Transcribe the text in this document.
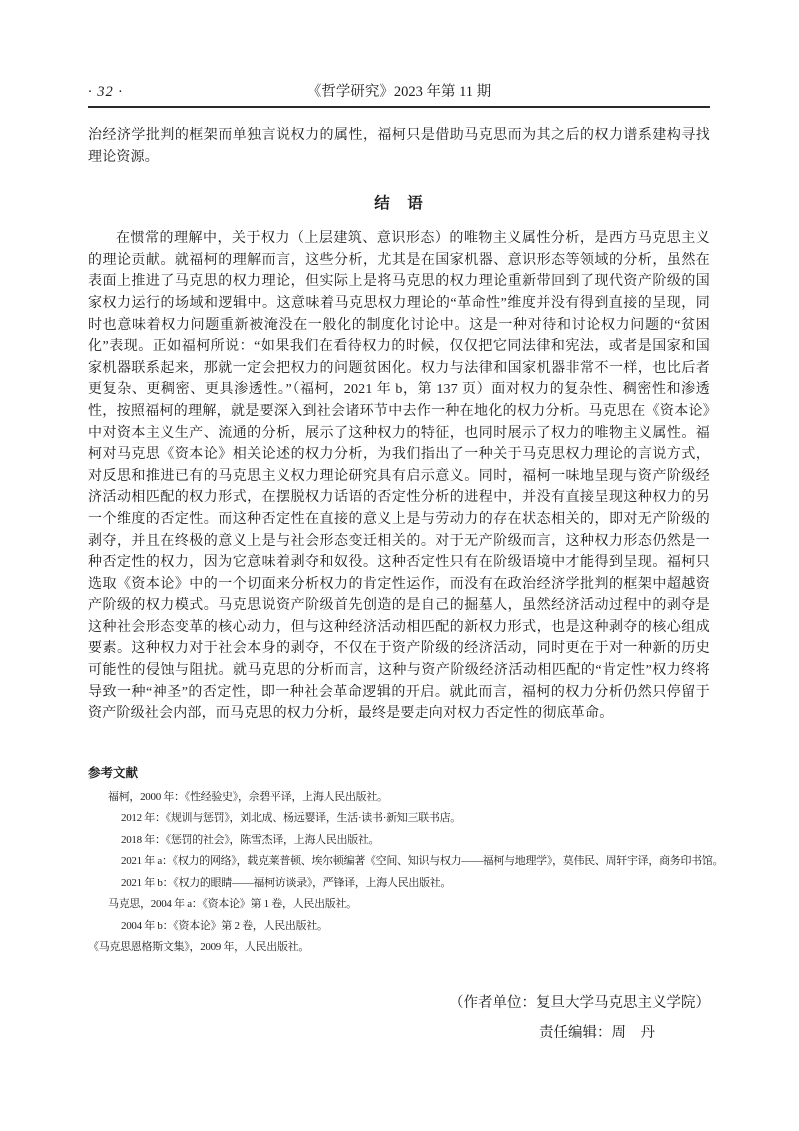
· 32 ·	《哲学研究》2023 年第 11 期

治经济学批判的框架而单独言说权力的属性，福柯只是借助马克思而为其之后的权力谱系建构寻找理论资源。

结　语

在惯常的理解中，关于权力（上层建筑、意识形态）的唯物主义属性分析，是西方马克思主义的理论贡献。就福柯的理解而言，这些分析，尤其是在国家机器、意识形态等领域的分析，虽然在表面上推进了马克思的权力理论，但实际上是将马克思的权力理论重新带回到了现代资产阶级的国家权力运行的场域和逻辑中。这意味着马克思权力理论的“革命性”维度并没有得到直接的呈现，同时也意味着权力问题重新被淹没在一般化的制度化讨论中。这是一种对待和讨论权力问题的“贫困化”表现。正如福柯所说：“如果我们在看待权力的时候，仅仅把它同法律和宪法，或者是国家和国家机器联系起来，那就一定会把权力的问题贫困化。权力与法律和国家机器非常不一样，也比后者更复杂、更稠密、更具渗透性。”（福柯，2021 年 b，第 137 页）面对权力的复杂性、稠密性和渗透性，按照福柯的理解，就是要深入到社会诸环节中去作一种在地化的权力分析。马克思在《资本论》中对资本主义生产、流通的分析，展示了这种权力的特征，也同时展示了权力的唯物主义属性。福柯对马克思《资本论》相关论述的权力分析，为我们指出了一种关于马克思权力理论的言说方式，对反思和推进已有的马克思主义权力理论研究具有启示意义。同时，福柯一味地呈现与资产阶级经济活动相匹配的权力形式，在摆脱权力话语的否定性分析的进程中，并没有直接呈现这种权力的另一个维度的否定性。而这种否定性在直接的意义上是与劳动力的存在状态相关的，即对无产阶级的剥夺，并且在终极的意义上是与社会形态变迁相关的。对于无产阶级而言，这种权力形态仍然是一种否定性的权力，因为它意味着剥夺和奴役。这种否定性只有在阶级语境中才能得到呈现。福柯只选取《资本论》中的一个切面来分析权力的肯定性运作，而没有在政治经济学批判的框架中超越资产阶级的权力模式。马克思说资产阶级首先创造的是自己的掘墓人，虽然经济活动过程中的剥夺是这种社会形态变革的核心动力，但与这种经济活动相匹配的新权力形式，也是这种剥夺的核心组成要素。这种权力对于社会本身的剥夺，不仅在于资产阶级的经济活动，同时更在于对一种新的历史可能性的侵蚀与阻扰。就马克思的分析而言，这种与资产阶级经济活动相匹配的“肯定性”权力终将导致一种“神圣”的否定性，即一种社会革命逻辑的开启。就此而言，福柯的权力分析仍然只停留于资产阶级社会内部，而马克思的权力分析，最终是要走向对权力否定性的彻底革命。

参考文献
福柯，2000 年：《性经验史》，佘碧平译，上海人民出版社。
2012 年：《规训与惩罚》，刘北成、杨远婴译，生活·读书·新知三联书店。
2018 年：《惩罚的社会》，陈雪杰译，上海人民出版社。
2021 年 a：《权力的网络》，载克莱普顿、埃尔顿编著《空间、知识与权力——福柯与地理学》，莫伟民、周轩宇译，商务印书馆。
2021 年 b：《权力的眼睛——福柯访谈录》，严锋译，上海人民出版社。
马克思，2004 年 a：《资本论》第 1 卷，人民出版社。
2004 年 b：《资本论》第 2 卷，人民出版社。
《马克思恩格斯文集》，2009 年，人民出版社。
（作者单位：复旦大学马克思主义学院）
责任编辑：周　丹
